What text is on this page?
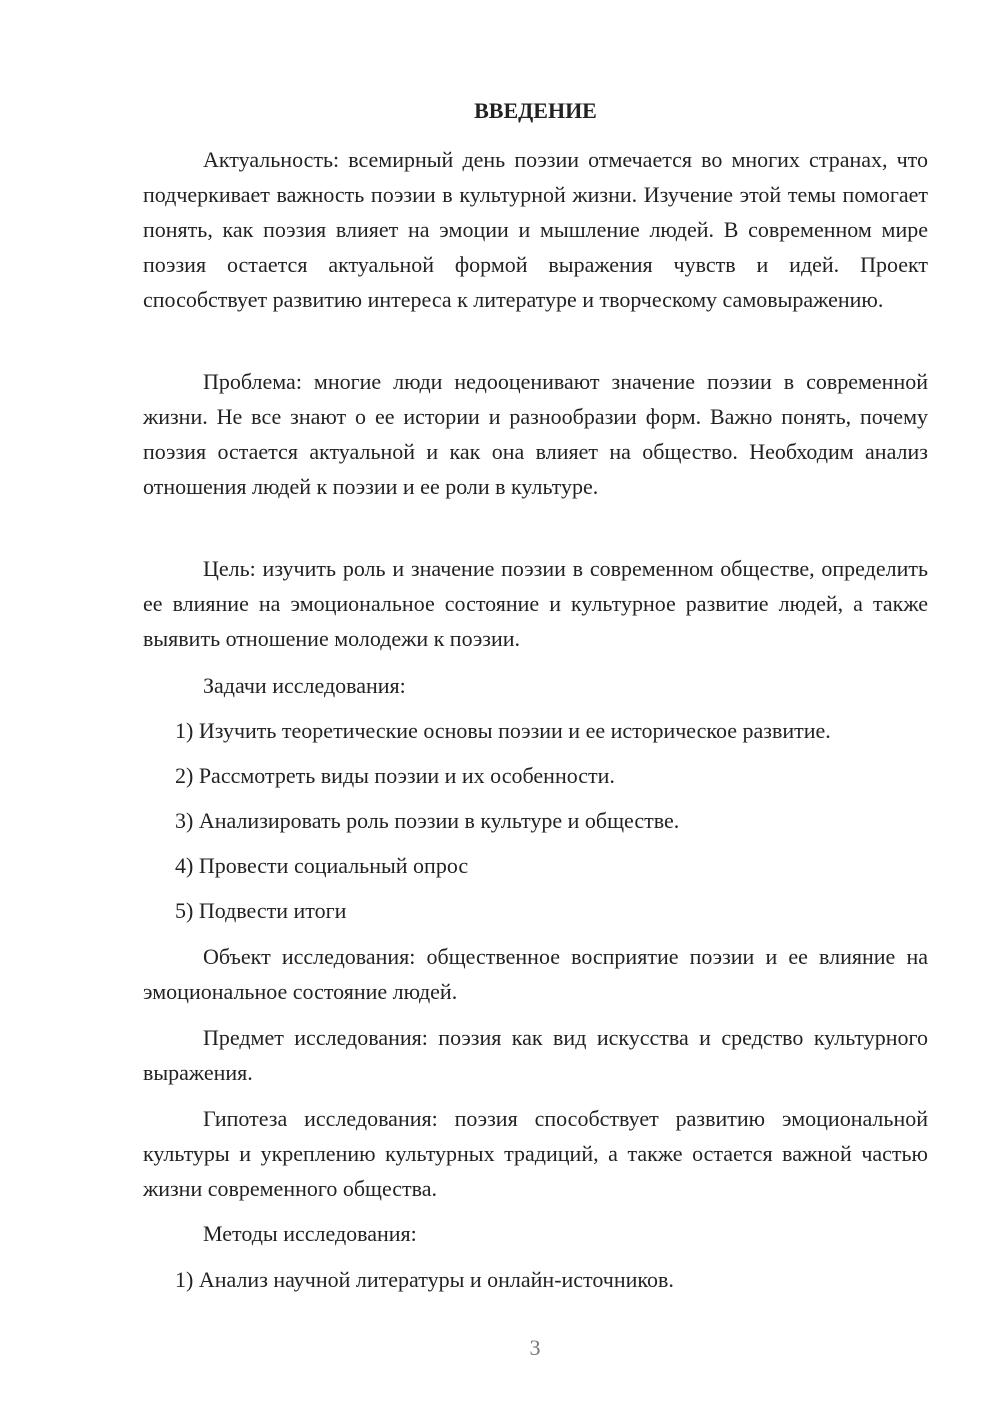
ВВЕДЕНИЕ

Актуальность: всемирный день поэзии отмечается во многих странах, что подчеркивает важность поэзии в культурной жизни. Изучение этой темы помогает понять, как поэзия влияет на эмоции и мышление людей. В современном мире поэзия остается актуальной формой выражения чувств и идей. Проект способствует развитию интереса к литературе и творческому самовыражению.

Проблема: многие люди недооценивают значение поэзии в современной жизни. Не все знают о ее истории и разнообразии форм. Важно понять, почему поэзия остается актуальной и как она влияет на общество. Необходим анализ отношения людей к поэзии и ее роли в культуре.

Цель: изучить роль и значение поэзии в современном обществе, определить ее влияние на эмоциональное состояние и культурное развитие людей, а также выявить отношение молодежи к поэзии.

Задачи исследования:

1) Изучить теоретические основы поэзии и ее историческое развитие.

2) Рассмотреть виды поэзии и их особенности.

3) Анализировать роль поэзии в культуре и обществе.

4) Провести социальный опрос

5) Подвести итоги

Объект исследования: общественное восприятие поэзии и ее влияние на эмоциональное состояние людей.

Предмет исследования: поэзия как вид искусства и средство культурного выражения.

Гипотеза исследования: поэзия способствует развитию эмоциональной культуры и укреплению культурных традиций, а также остается важной частью жизни современного общества.

Методы исследования:

1) Анализ научной литературы и онлайн-источников.

3
